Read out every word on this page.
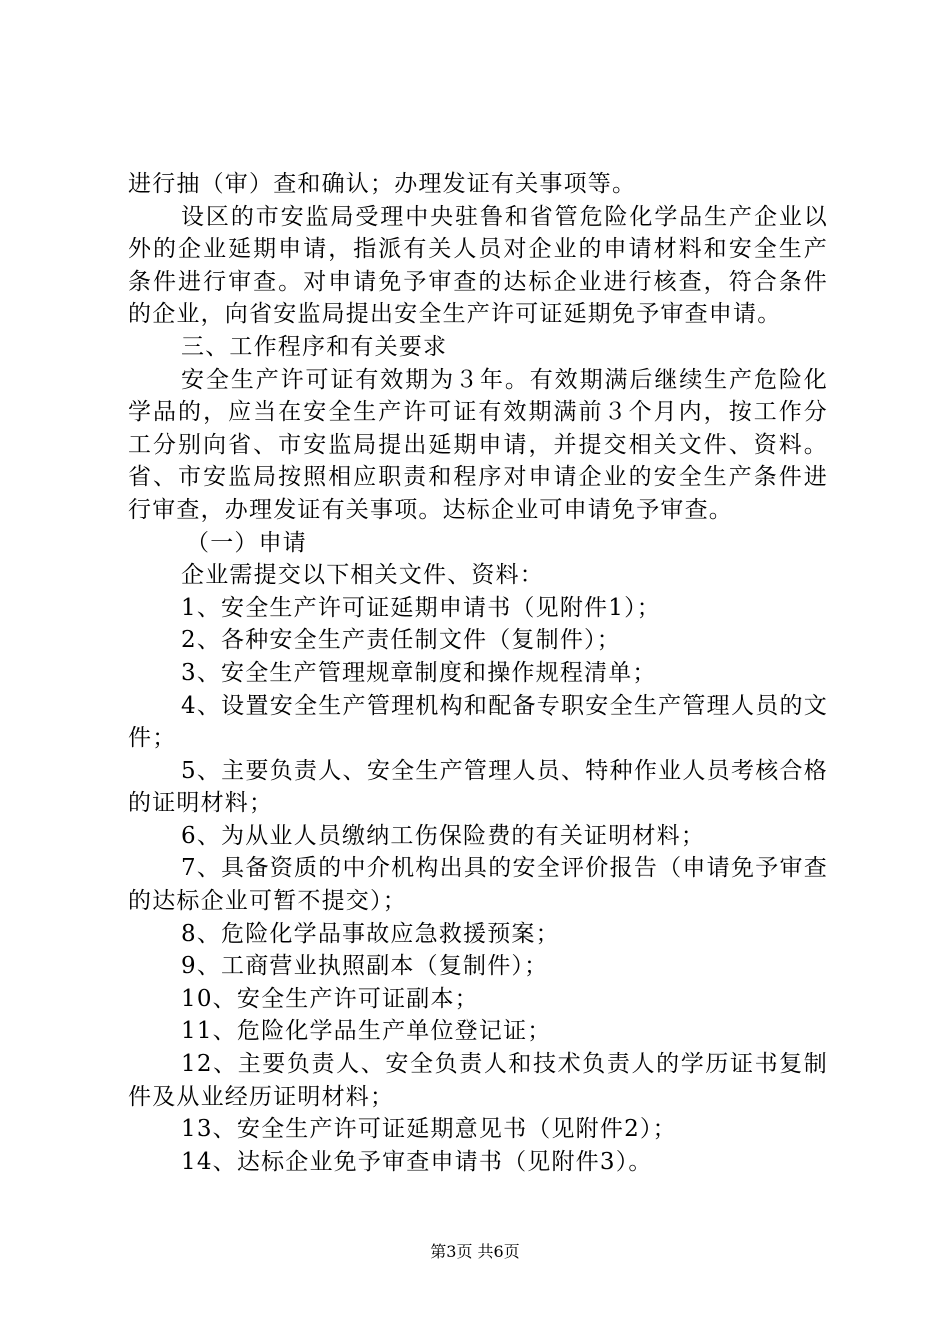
进行抽（审）查和确认；办理发证有关事项等。

设区的市安监局受理中央驻鲁和省管危险化学品生产企业以外的企业延期申请，指派有关人员对企业的申请材料和安全生产条件进行审查。对申请免予审查的达标企业进行核查，符合条件的企业，向省安监局提出安全生产许可证延期免予审查申请。

三、工作程序和有关要求

安全生产许可证有效期为３年。有效期满后继续生产危险化学品的，应当在安全生产许可证有效期满前３个月内，按工作分工分别向省、市安监局提出延期申请，并提交相关文件、资料。省、市安监局按照相应职责和程序对申请企业的安全生产条件进行审查，办理发证有关事项。达标企业可申请免予审查。

（一）申请

企业需提交以下相关文件、资料：

1、安全生产许可证延期申请书（见附件1）；

2、各种安全生产责任制文件（复制件）；

3、安全生产管理规章制度和操作规程清单；

4、设置安全生产管理机构和配备专职安全生产管理人员的文件；

5、主要负责人、安全生产管理人员、特种作业人员考核合格的证明材料；

6、为从业人员缴纳工伤保险费的有关证明材料；

7、具备资质的中介机构出具的安全评价报告（申请免予审查的达标企业可暂不提交）；

8、危险化学品事故应急救援预案；

9、工商营业执照副本（复制件）；

10、安全生产许可证副本；

11、危险化学品生产单位登记证；

12、主要负责人、安全负责人和技术负责人的学历证书复制件及从业经历证明材料；

13、安全生产许可证延期意见书（见附件2）；

14、达标企业免予审查申请书（见附件3）。

第3页 共6页
